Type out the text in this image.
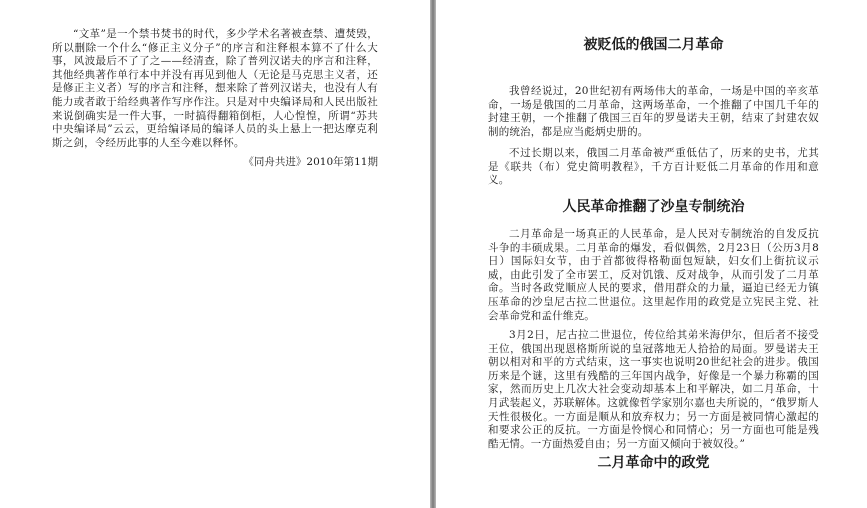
“文革”是一个禁书焚书的时代，多少学术名著被查禁、遭焚毁，所以删除一个什么“修正主义分子”的序言和注释根本算不了什么大事，风波最后不了了之——经清查，除了普列汉诺夫的序言和注释，其他经典著作单行本中并没有再见到他人（无论是马克思主义者，还是修正主义者）写的序言和注释，想来除了普列汉诺夫，也没有人有能力或者敢于给经典著作写序作注。只是对中央编译局和人民出版社来说倒确实是一件大事，一时搞得翻箱倒柜，人心惶惶，所谓“苏共中央编译局”云云，更给编译局的编译人员的头上悬上一把达摩克利斯之剑，令经历此事的人至今难以释怀。

《同舟共进》2010年第11期
被贬低的俄国二月革命

我曾经说过，20世纪初有两场伟大的革命，一场是中国的辛亥革命，一场是俄国的二月革命，这两场革命，一个推翻了中国几千年的封建王朝，一个推翻了俄国三百年的罗曼诺夫王朝，结束了封建农奴制的统治，都是应当彪炳史册的。

不过长期以来，俄国二月革命被严重低估了，历来的史书，尤其是《联共（布）党史简明教程》，千方百计贬低二月革命的作用和意义。

人民革命推翻了沙皇专制统治

二月革命是一场真正的人民革命，是人民对专制统治的自发反抗斗争的丰硕成果。二月革命的爆发，看似偶然，2月23日（公历3月8日）国际妇女节，由于首都彼得格勒面包短缺，妇女们上街抗议示威，由此引发了全市罢工，反对饥饿、反对战争，从而引发了二月革命。当时各政党顺应人民的要求，借用群众的力量，逼迫已经无力镇压革命的沙皇尼古拉二世退位。这里起作用的政党是立宪民主党、社会革命党和孟什维克。

3月2日，尼古拉二世退位，传位给其弟米海伊尔，但后者不接受王位，俄国出现恩格斯所说的皇冠落地无人拾拾的局面。罗曼诺夫王朝以相对和平的方式结束，这一事实也说明20世纪社会的进步。俄国历来是个谜，这里有残酷的三年国内战争，好像是一个暴力称霸的国家，然而历史上几次大社会变动却基本上和平解决，如二月革命，十月武装起义，苏联解体。这就像哲学家别尔嘉也夫所说的，“俄罗斯人天性很极化。一方面是顺从和放弃权力；另一方面是被同情心激起的和要求公正的反抗。一方面是怜悯心和同情心；另一方面也可能是残酷无情。一方面热爱自由；另一方面又倾向于被奴役。”

二月革命中的政党
